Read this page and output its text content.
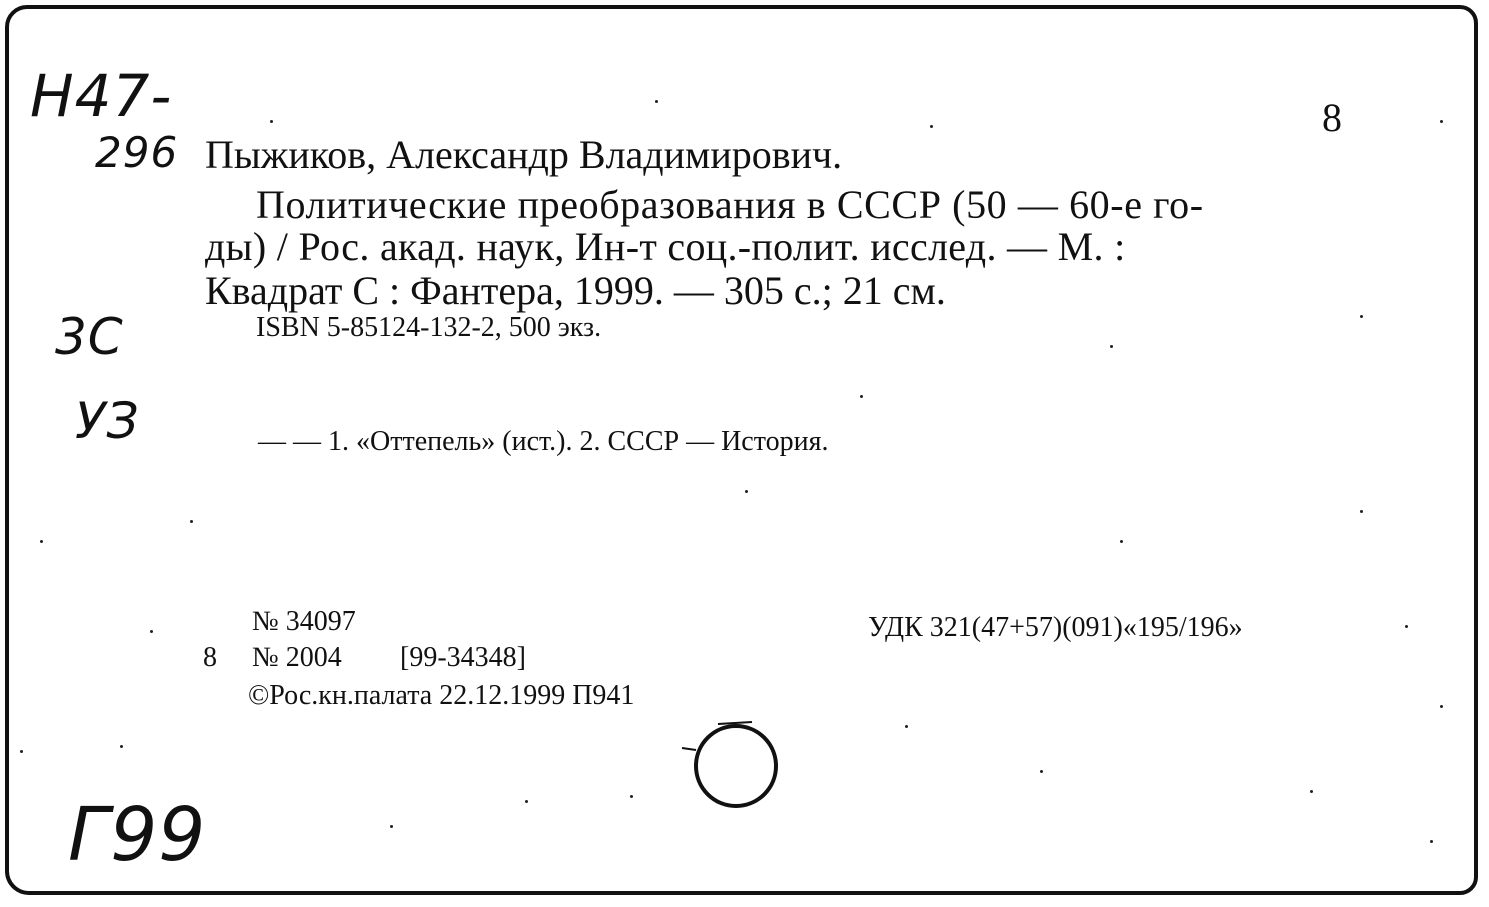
Н47-
296
3С
УЗ
Г99
8
Пыжиков, Александр Владимирович.
Политические преобразования в СССР (50 — 60-е го-
ды) / Рос. акад. наук, Ин-т соц.-полит. исслед. — М. :
Квадрат С : Фантера, 1999. — 305 с.; 21 см.
ISBN 5-85124-132-2, 500 экз.
— — 1. «Оттепель» (ист.). 2. СССР — История.
№ 34097
8 № 2004 [99-34348]
©Рос.кн.палата 22.12.1999 П941
УДК 321(47+57)(091)«195/196»
